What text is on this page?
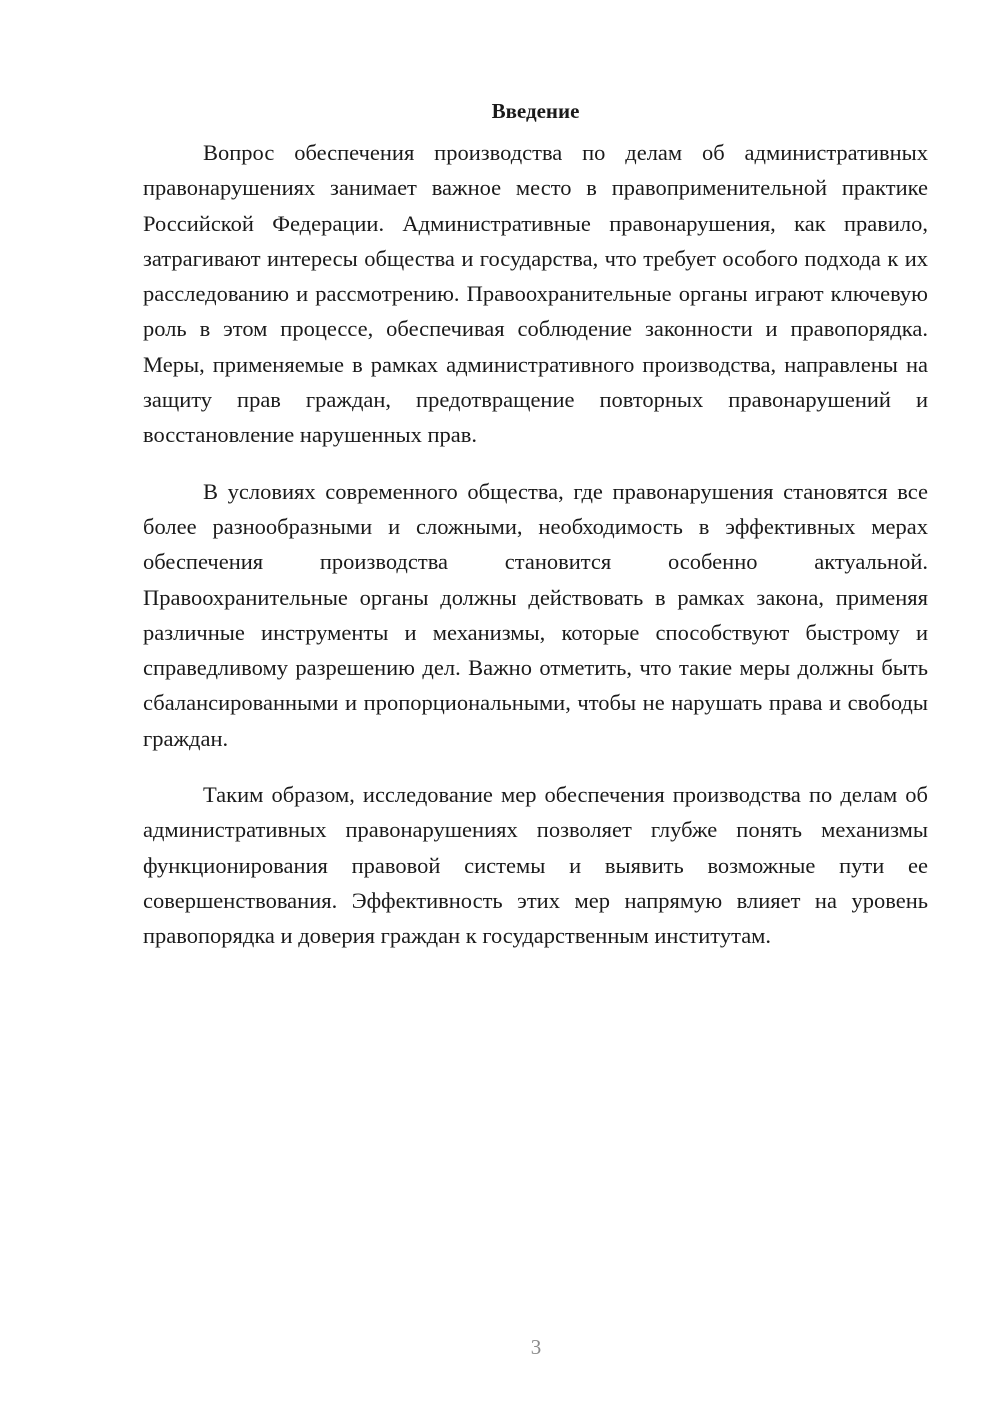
Введение

Вопрос обеспечения производства по делам об административных правонарушениях занимает важное место в правоприменительной практике Российской Федерации. Административные правонарушения, как правило, затрагивают интересы общества и государства, что требует особого подхода к их расследованию и рассмотрению. Правоохранительные органы играют ключевую роль в этом процессе, обеспечивая соблюдение законности и правопорядка. Меры, применяемые в рамках административного производства, направлены на защиту прав граждан, предотвращение повторных правонарушений и восстановление нарушенных прав.

В условиях современного общества, где правонарушения становятся все более разнообразными и сложными, необходимость в эффективных мерах обеспечения производства становится особенно актуальной. Правоохранительные органы должны действовать в рамках закона, применяя различные инструменты и механизмы, которые способствуют быстрому и справедливому разрешению дел. Важно отметить, что такие меры должны быть сбалансированными и пропорциональными, чтобы не нарушать права и свободы граждан.

Таким образом, исследование мер обеспечения производства по делам об административных правонарушениях позволяет глубже понять механизмы функционирования правовой системы и выявить возможные пути ее совершенствования. Эффективность этих мер напрямую влияет на уровень правопорядка и доверия граждан к государственным институтам.

3
